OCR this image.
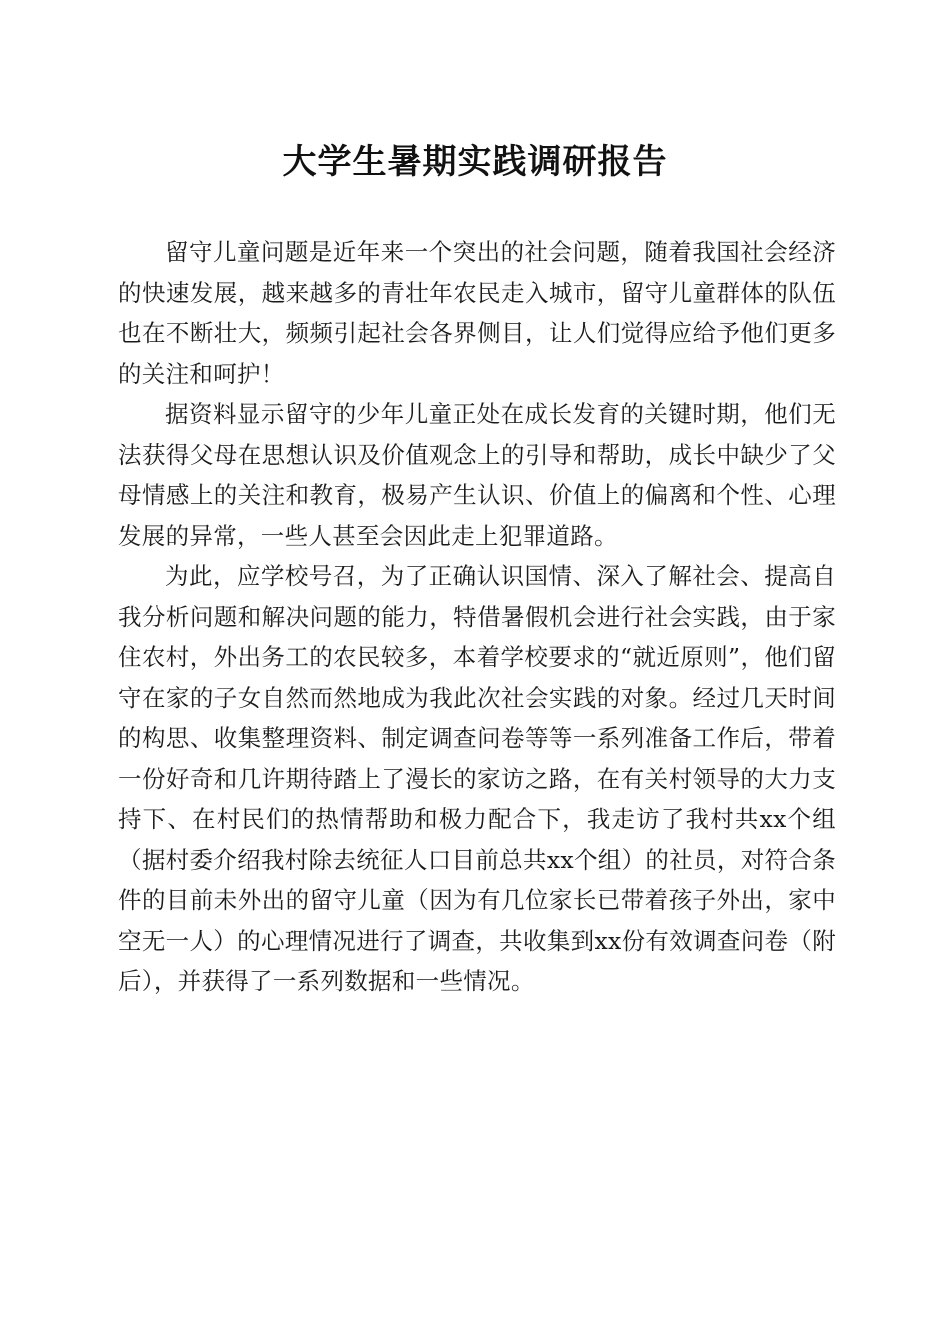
大学生暑期实践调研报告

留守儿童问题是近年来一个突出的社会问题，随着我国社会经济的快速发展，越来越多的青壮年农民走入城市，留守儿童群体的队伍也在不断壮大，频频引起社会各界侧目，让人们觉得应给予他们更多的关注和呵护！

据资料显示留守的少年儿童正处在成长发育的关键时期，他们无法获得父母在思想认识及价值观念上的引导和帮助，成长中缺少了父母情感上的关注和教育，极易产生认识、价值上的偏离和个性、心理发展的异常，一些人甚至会因此走上犯罪道路。

为此，应学校号召，为了正确认识国情、深入了解社会、提高自我分析问题和解决问题的能力，特借暑假机会进行社会实践，由于家住农村，外出务工的农民较多，本着学校要求的“就近原则”，他们留守在家的子女自然而然地成为我此次社会实践的对象。经过几天时间的构思、收集整理资料、制定调查问卷等等一系列准备工作后，带着一份好奇和几许期待踏上了漫长的家访之路，在有关村领导的大力支持下、在村民们的热情帮助和极力配合下，我走访了我村共xx个组（据村委介绍我村除去统征人口目前总共xx个组）的社员，对符合条件的目前未外出的留守儿童（因为有几位家长已带着孩子外出，家中空无一人）的心理情况进行了调查，共收集到xx份有效调查问卷（附后），并获得了一系列数据和一些情况。
